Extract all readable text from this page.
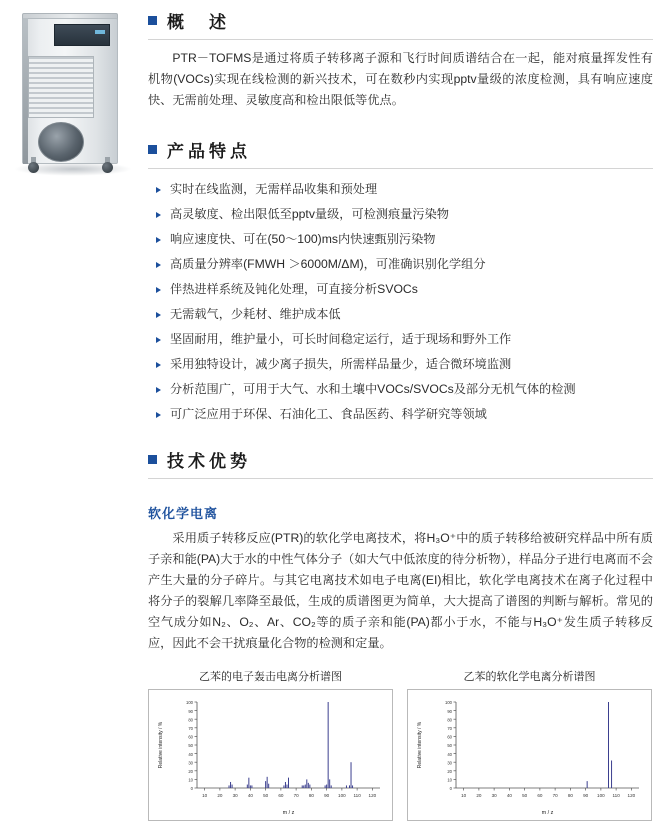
概　述

PTR－TOFMS是通过将质子转移离子源和飞行时间质谱结合在一起，能对痕量挥发性有机物(VOCs)实现在线检测的新兴技术，可在数秒内实现pptv量级的浓度检测，具有响应速度快、无需前处理、灵敏度高和检出限低等优点。

产品特点
实时在线监测，无需样品收集和预处理
高灵敏度、检出限低至pptv量级，可检测痕量污染物
响应速度快、可在(50～100)ms内快速甄别污染物
高质量分辨率(FMWH ＞6000M/ΔM)，可准确识别化学组分
伴热进样系统及钝化处理，可直接分析SVOCs
无需载气，少耗材、维护成本低
坚固耐用，维护量小，可长时间稳定运行，适于现场和野外工作
采用独特设计，减少离子损失，所需样品量少，适合微环境监测
分析范围广，可用于大气、水和土壤中VOCs/SVOCs及部分无机气体的检测
可广泛应用于环保、石油化工、食品医药、科学研究等领域
技术优势
软化学电离

采用质子转移反应(PTR)的软化学电离技术，将H₃O⁺中的质子转移给被研究样品中所有质子亲和能(PA)大于水的中性气体分子（如大气中低浓度的待分析物），样品分子进行电离而不会产生大量的分子碎片。与其它电离技术如电子电离(EI)相比，软化学电离技术在离子化过程中将分子的裂解几率降至最低，生成的质谱图更为简单，大大提高了谱图的判断与解析。常见的空气成分如N₂、O₂、Ar、CO₂等的质子亲和能(PA)都小于水，不能与H₃O⁺发生质子转移反应，因此不会干扰痕量化合物的检测和定量。

乙苯的电子轰击电离分析谱图
0
10
20
30
40
50
60
70
80
90
100
10 20 30 40 50 60 70 80 90 100 110 120
m / z
Relative intensity / %
乙苯的软化学电离分析谱图
0
10
20
30
40
50
60
70
80
90
100
10 20 30 40 50 60 70 80 90 100 110 120
m / z
Relative intensity / %
